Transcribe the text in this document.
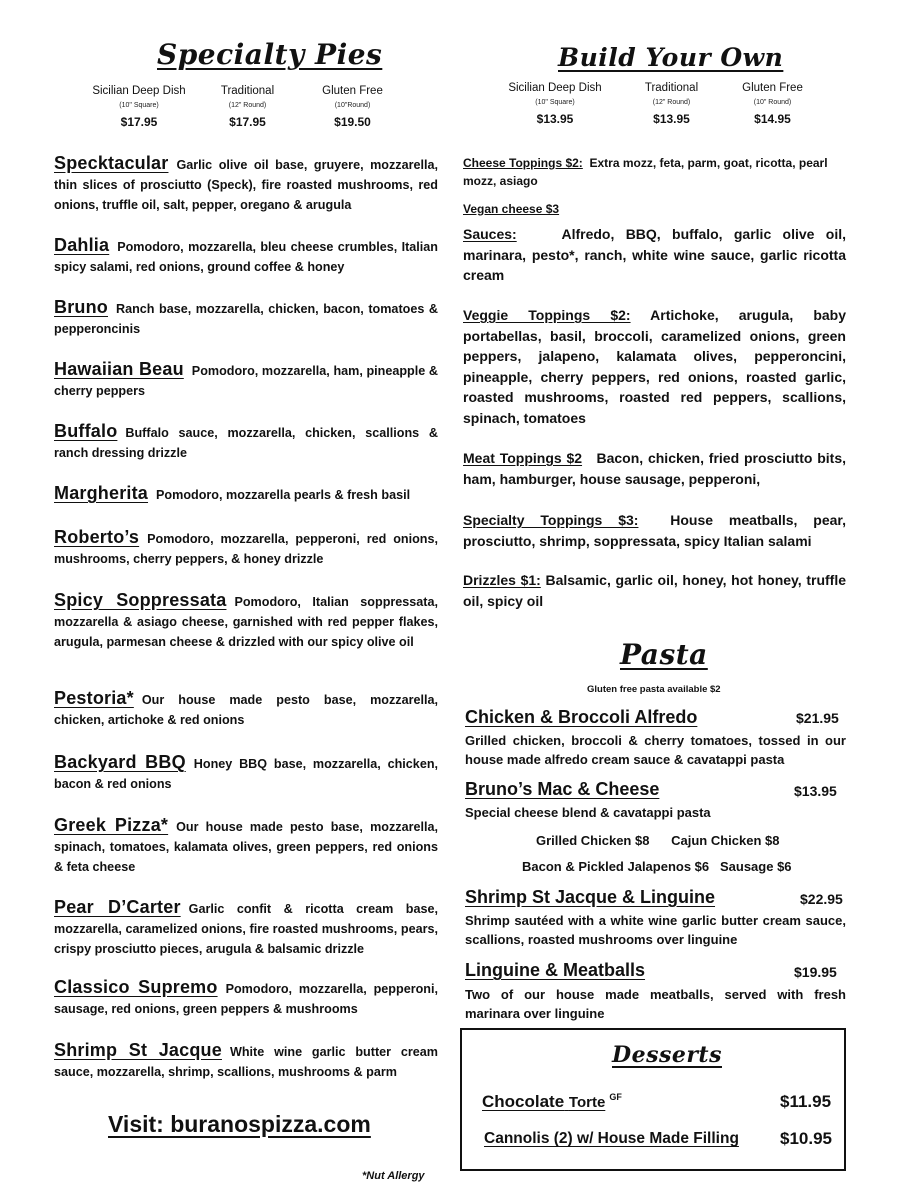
Specialty Pies
Sicilian Deep Dish
(10" Square)
$17.95
Traditional
(12" Round)
$17.95
Gluten Free
(10"Round)
$19.50
Specktacular Garlic olive oil base, gruyere, mozzarella, thin slices of prosciutto (Speck), fire roasted mushrooms, red onions, truffle oil, salt, pepper, oregano & arugula
Dahlia Pomodoro, mozzarella, bleu cheese crumbles, Italian spicy salami, red onions, ground coffee & honey
Bruno Ranch base, mozzarella, chicken, bacon, tomatoes & pepperoncinis
Hawaiian Beau Pomodoro, mozzarella, ham, pineapple & cherry peppers
Buffalo Buffalo sauce, mozzarella, chicken, scallions & ranch dressing drizzle
Margherita Pomodoro, mozzarella pearls & fresh basil
Roberto’s Pomodoro, mozzarella, pepperoni, red onions, mushrooms, cherry peppers, & honey drizzle
Spicy Soppressata Pomodoro, Italian soppressata, mozzarella & asiago cheese, garnished with red pepper flakes, arugula, parmesan cheese & drizzled with our spicy olive oil
Pestoria* Our house made pesto base, mozzarella, chicken, artichoke & red onions
Backyard BBQ Honey BBQ base, mozzarella, chicken, bacon & red onions
Greek Pizza* Our house made pesto base, mozzarella, spinach, tomatoes, kalamata olives, green peppers, red onions & feta cheese
Pear D’Carter Garlic confit & ricotta cream base, mozzarella, caramelized onions, fire roasted mushrooms, pears, crispy prosciutto pieces, arugula & balsamic drizzle
Classico Supremo Pomodoro, mozzarella, pepperoni, sausage, red onions, green peppers & mushrooms
Shrimp St Jacque White wine garlic butter cream sauce, mozzarella, shrimp, scallions, mushrooms & parm
Visit: buranospizza.com
*Nut Allergy
Build Your Own
Sicilian Deep Dish
(10" Square)
$13.95
Traditional
(12" Round)
$13.95
Gluten Free
(10" Round)
$14.95
Cheese Toppings $2: Extra mozz, feta, parm, goat, ricotta, pearl mozz, asiago
Vegan cheese $3
Sauces:	Alfredo, BBQ, buffalo, garlic olive oil, marinara, pesto*, ranch, white wine sauce, garlic ricotta cream
Veggie Toppings $2: Artichoke, arugula, baby portabellas, basil, broccoli, caramelized onions, green peppers, jalapeno, kalamata olives, pepperoncini, pineapple, cherry peppers, red onions, roasted garlic, roasted mushrooms, roasted red peppers, scallions, spinach, tomatoes
Meat Toppings $2 Bacon, chicken, fried prosciutto bits, ham, hamburger, house sausage, pepperoni,
Specialty Toppings $3: House meatballs, pear, prosciutto, shrimp, soppressata, spicy Italian salami
Drizzles $1: Balsamic, garlic oil, honey, hot honey, truffle oil, spicy oil
Pasta
Gluten free pasta available $2
Chicken & Broccoli Alfredo	$21.95
Grilled chicken, broccoli & cherry tomatoes, tossed in our house made alfredo cream sauce & cavatappi pasta
Bruno’s Mac & Cheese	$13.95
Special cheese blend & cavatappi pasta
Grilled Chicken $8 Cajun Chicken $8
Bacon & Pickled Jalapenos $6 Sausage $6
Shrimp St Jacque & Linguine	$22.95
Shrimp sautéed with a white wine garlic butter cream sauce, scallions, roasted mushrooms over linguine
Linguine & Meatballs	$19.95
Two of our house made meatballs, served with fresh marinara over linguine
Desserts
Chocolate Torte $^{GF}$	$11.95
Cannolis (2) w/ House Made Filling $10.95
